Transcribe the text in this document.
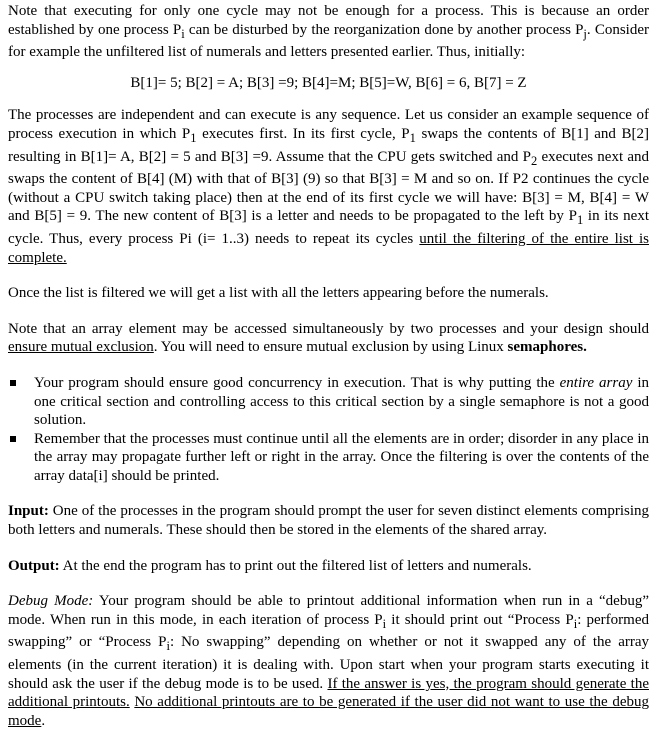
Note that executing for only one cycle may not be enough for a process. This is because an order established by one process $P_i$ can be disturbed by the reorganization done by another process $P_j$. Consider for example the unfiltered list of numerals and letters presented earlier. Thus, initially:

B[1]= 5; B[2] = A; B[3] =9; B[4]=M; B[5]=W, B[6] = 6, B[7] = Z

The processes are independent and can execute is any sequence. Let us consider an example sequence of process execution in which $P_1$ executes first. In its first cycle, $P_1$ swaps the contents of B[1] and B[2] resulting in B[1]= A, B[2] = 5 and B[3] =9. Assume that the CPU gets switched and $P_2$ executes next and swaps the content of B[4] (M) with that of B[3] (9) so that B[3] = M and so on. If P2 continues the cycle (without a CPU switch taking place) then at the end of its first cycle we will have: B[3] = M, B[4] = W and B[5] = 9. The new content of B[3] is a letter and needs to be propagated to the left by $P_1$ in its next cycle. Thus, every process Pi (i= 1..3) needs to repeat its cycles until the filtering of the entire list is complete.

Once the list is filtered we will get a list with all the letters appearing before the numerals.

Note that an array element may be accessed simultaneously by two processes and your design should ensure mutual exclusion. You will need to ensure mutual exclusion by using Linux semaphores.

Your program should ensure good concurrency in execution. That is why putting the entire array in one critical section and controlling access to this critical section by a single semaphore is not a good solution.
Remember that the processes must continue until all the elements are in order; disorder in any place in the array may propagate further left or right in the array. Once the filtering is over the contents of the array data[i] should be printed.

Input: One of the processes in the program should prompt the user for seven distinct elements comprising both letters and numerals. These should then be stored in the elements of the shared array.

Output: At the end the program has to print out the filtered list of letters and numerals.

Debug Mode: Your program should be able to printout additional information when run in a “debug” mode. When run in this mode, in each iteration of process $P_i$ it should print out “Process $P_i$: performed swapping” or “Process $P_i$: No swapping” depending on whether or not it swapped any of the array elements (in the current iteration) it is dealing with. Upon start when your program starts executing it should ask the user if the debug mode is to be used. If the answer is yes, the program should generate the additional printouts. No additional printouts are to be generated if the user did not want to use the debug mode.
